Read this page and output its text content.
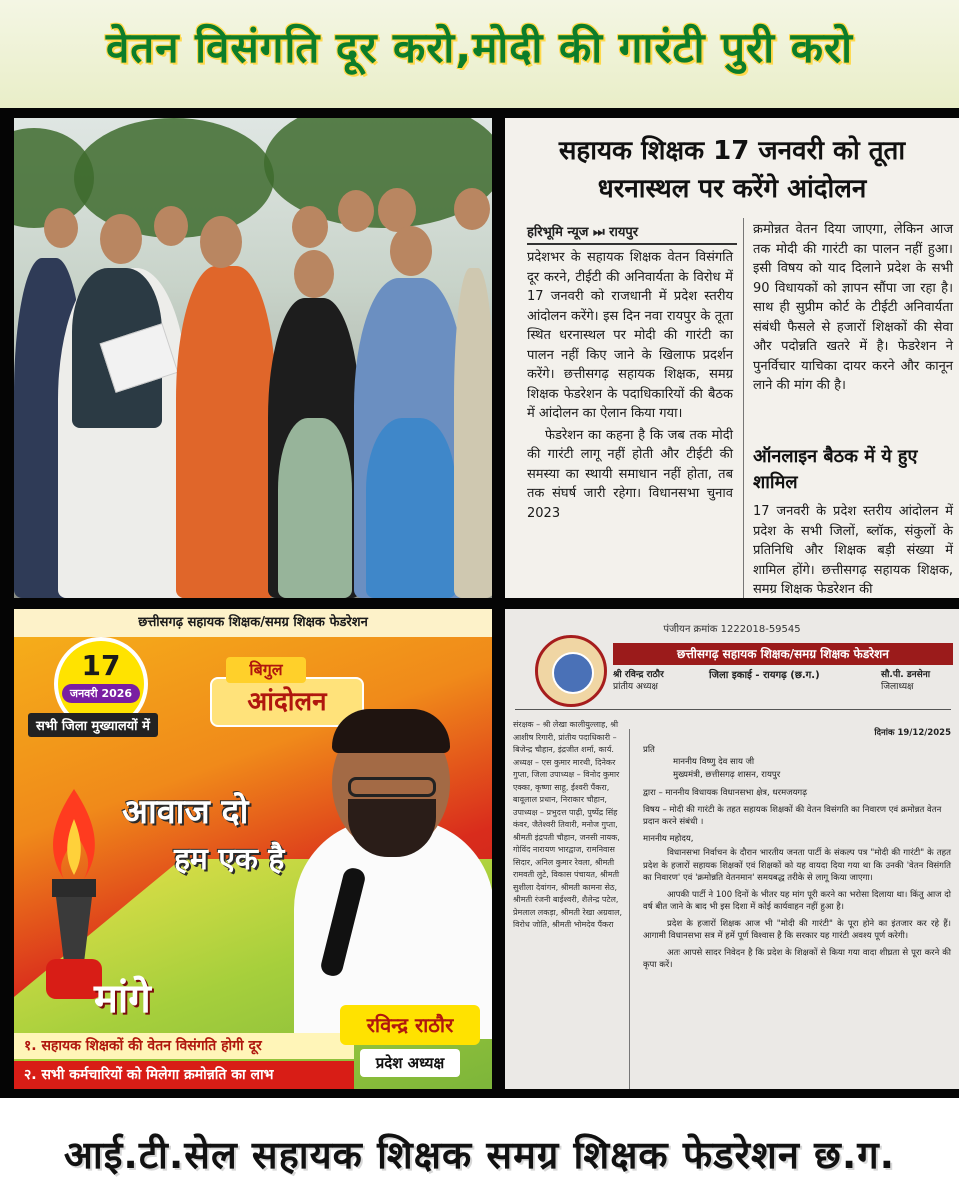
वेतन विसंगति दूर करो,मोदी की गारंटी पुरी करो
सहायक शिक्षक 17 जनवरी को तूता
धरनास्थल पर करेंगे आंदोलन
हरिभूमि न्यूज ⏭ रायपुर
प्रदेशभर के सहायक शिक्षक वेतन विसंगति दूर करने, टीईटी की अनिवार्यता के विरोध में 17 जनवरी को राजधानी में प्रदेश स्तरीय आंदोलन करेंगे। इस दिन नवा रायपुर के तूता स्थित धरनास्थल पर मोदी की गारंटी का पालन नहीं किए जाने के खिलाफ प्रदर्शन करेंगे। छत्तीसगढ़ सहायक शिक्षक, समग्र शिक्षक फेडरेशन के पदाधिकारियों की बैठक में आंदोलन का ऐलान किया गया।
फेडरेशन का कहना है कि जब तक मोदी की गारंटी लागू नहीं होती और टीईटी की समस्या का स्थायी समाधान नहीं होता, तब तक संघर्ष जारी रहेगा। विधानसभा चुनाव 2023
क्रमोन्नत वेतन दिया जाएगा, लेकिन आज तक मोदी की गारंटी का पालन नहीं हुआ। इसी विषय को याद दिलाने प्रदेश के सभी 90 विधायकों को ज्ञापन सौंपा जा रहा है। साथ ही सुप्रीम कोर्ट के टीईटी अनिवार्यता संबंधी फैसले से हजारों शिक्षकों की सेवा और पदोन्नति खतरे में है। फेडरेशन ने पुनर्विचार याचिका दायर करने और कानून लाने की मांग की है।
ऑनलाइन बैठक में ये हुए शामिल
17 जनवरी के प्रदेश स्तरीय आंदोलन में प्रदेश के सभी जिलों, ब्लॉक, संकुलों के प्रतिनिधि और शिक्षक बड़ी संख्या में शामिल होंगे। छत्तीसगढ़ सहायक शिक्षक, समग्र शिक्षक फेडरेशन की
छत्तीसगढ़ सहायक शिक्षक/समग्र शिक्षक फेडरेशन
17
जनवरी 2026	आंदोलन
बिगुल
सभी जिला मुख्यालयों में
आवाज दो
हम एक है
मांगे
१. सहायक शिक्षकों की वेतन विसंगति होगी दूर
२. सभी कर्मचारियों को मिलेगा क्रमोन्नति का लाभ
रविन्द्र राठौर
प्रदेश अध्यक्ष
पंजीयन क्रमांक 1222018-59545
छत्तीसगढ़ सहायक शिक्षक/समग्र शिक्षक फेडरेशन
श्री रविन्द्र राठौर
प्रांतीय अध्यक्ष
जिला इकाई - रायगढ़ (छ.ग.)	सौ.पी. डनसेना
जिलाध्यक्ष
संरक्षक – श्री लेखा कालीयुल्लाह, श्री आशीष रिगारी, प्रांतीय पदाधिकारी – बिजेन्द्र चौहान, इंद्रजीत शर्मा, कार्य. अध्यक्ष – एस कुमार मारथी, दिनेकर गुप्ता, जिला उपाध्यक्ष – विनोद कुमार एक्का, कृष्णा साहू, ईश्वरी पैंकरा, बावूलाल प्रधान, निराकार चौहान, उपाध्यक्ष – प्रभुदत्त पाढ़ी, पुष्पेंद्र सिंह कंवर, जैतेश्वरी तिवारी, मनोज गुप्ता, श्रीमती इंद्रपती चौहान, जनसी नायक, गोविंद नारायण भारद्वाज, रामनिवास सिदार, अनिल कुमार रेवला, श्रीमती रामवती लुटे, विकास पंचायत, श्रीमती सुशीला देवांगन, श्रीमती कामना सेठ, श्रीमती रंजनी बाईश्वरी, शैलेन्द्र पटेल, प्रेमलाल लकड़ा, श्रीमती रेखा अग्रवाल, विरोध जोति, श्रीमती भोमदेव पैंकरा
दिनांक 19/12/2025
प्रति
माननीय विष्णु देव साय जी
मुख्यमंत्री, छत्तीसगढ़ शासन, रायपुर
द्वारा – माननीय विधायक विधानसभा क्षेत्र, धरमजयगढ़
विषय – मोदी की गारंटी के तहत सहायक शिक्षकों की वेतन विसंगति का निवारण एवं क्रमोन्नत वेतन प्रदान करने संबंधी ।
माननीय महोदय,
विधानसभा निर्वाचन के दौरान भारतीय जनता पार्टी के संकल्प पत्र "मोदी की गारंटी" के तहत प्रदेश के हजारों सहायक शिक्षकों एवं शिक्षकों को यह वायदा दिया गया था कि उनकी 'वेतन विसंगति का निवारण' एवं 'क्रमोन्नति वेतनमान' समयबद्ध तरीके से लागू किया जाएगा।
आपकी पार्टी ने 100 दिनों के भीतर यह मांग पूरी करने का भरोसा दिलाया था। किंतु आज दो वर्ष बीत जाने के बाद भी इस दिशा में कोई कार्यवाहन नहीं हुआ है।
प्रदेश के हजारों शिक्षक आज भी "मोदी की गारंटी" के पूरा होने का इंतजार कर रहे हैं। आगामी विधानसभा सत्र में हमें पूर्ण विश्वास है कि सरकार यह गारंटी अवश्य पूर्ण करेगी।
अतः आपसे सादर निवेदन है कि प्रदेश के शिक्षकों से किया गया वादा शीघ्रता से पूरा करने की कृपा करें।
आई.टी.सेल सहायक शिक्षक समग्र शिक्षक फेडरेशन छ.ग.
